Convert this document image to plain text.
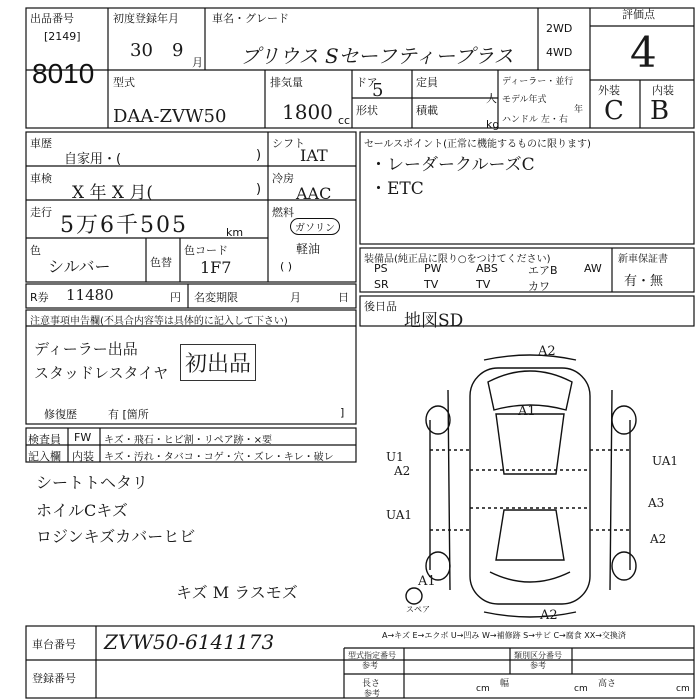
出品番号
[2149]
8010
初度登録年月
30 9
月
車名・グレード
プリウス Sセーフティープラス
2WD
4WD
評価点
4
外装	内装
C B
型式
DAA-ZVW50
排気量
1800 cc
ドア
5
形状
定員
人
積載
kg
ディーラー・並行
モデル年式
年
ハンドル 左・右
車歴
自家用・(	)
シフト
IAT
車検
X 年 X 月(	)
冷房
AAC
走行
5万6千505	km
燃料
ガソリン
軽油
( )
色
シルバー	色替
色コード
1F7
R券 11480	円 名変期限	月	日
セールスポイント(正常に機能するものに限ります)
・レーダークルーズC
・ETC
装備品(純正品に限り○をつけてください)
PS	PW	ABS	エアB AW
SR	TV	TV	カワ
新車保証書
有・無
後日品
地図SD
注意事項申告欄(不具合内容等は具体的に記入して下さい)
ディーラー出品
スタッドレスタイヤ 初出品
修復歴	有 [箇所	]
検査員
記入欄
FW キズ・飛石・ヒビ割・リペア跡・×要
内装 キズ・汚れ・タバコ・コゲ・穴・ズレ・キレ・破レ
シートトヘタリ
ホイルCキズ
ロジンキズカバーヒビ
キズ M ラスモズ
A2
A1
U1
A2
UA1
UA1
A3
A2
A1
スペア	A2
A→キズ E→エクボ U→凹み W→補修跡 S→サビ C→腐食 XX→交換済
車台番号 ZVW50-6141173
登録番号
型式指定番号
参考
類別区分番号
参考
長さ
参考	cm 幅	cm 高さ	cm
